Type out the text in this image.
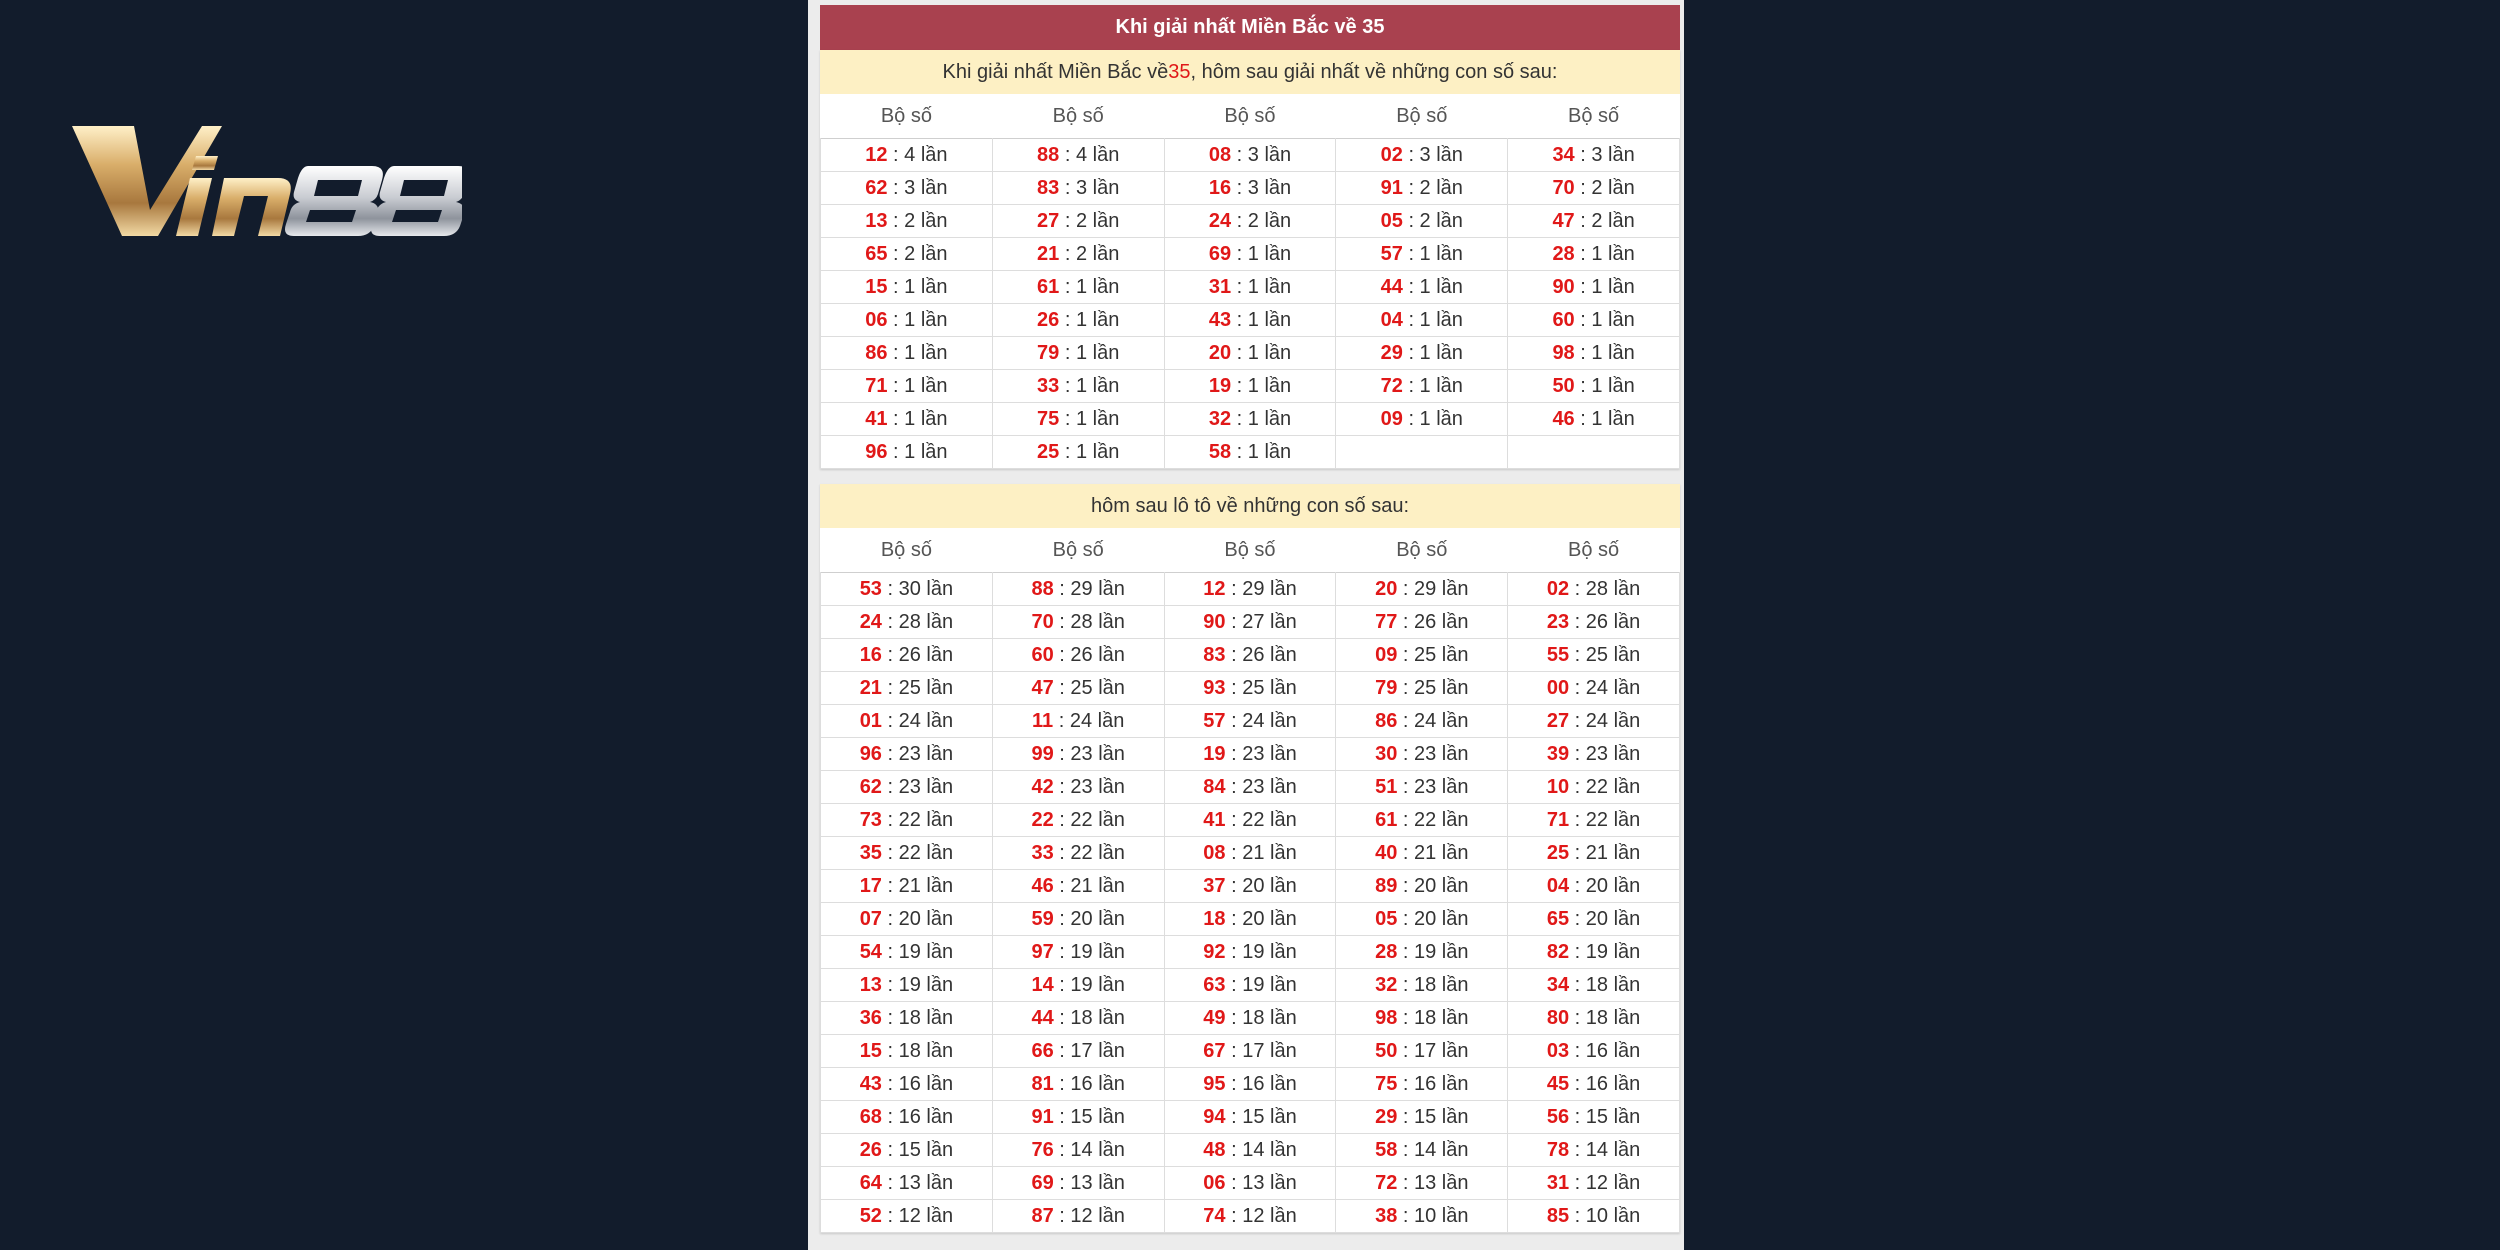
Khi giải nhất Miền Bắc về 35
Khi giải nhất Miền Bắc về 35 , hôm sau giải nhất về những con số sau:
Bộ số	Bộ số	Bộ số	Bộ số	Bộ số
12 : 4 lần	88 : 4 lần	08 : 3 lần	02 : 3 lần	34 : 3 lần
62 : 3 lần	83 : 3 lần	16 : 3 lần	91 : 2 lần	70 : 2 lần
13 : 2 lần	27 : 2 lần	24 : 2 lần	05 : 2 lần	47 : 2 lần
65 : 2 lần	21 : 2 lần	69 : 1 lần	57 : 1 lần	28 : 1 lần
15 : 1 lần	61 : 1 lần	31 : 1 lần	44 : 1 lần	90 : 1 lần
06 : 1 lần	26 : 1 lần	43 : 1 lần	04 : 1 lần	60 : 1 lần
86 : 1 lần	79 : 1 lần	20 : 1 lần	29 : 1 lần	98 : 1 lần
71 : 1 lần	33 : 1 lần	19 : 1 lần	72 : 1 lần	50 : 1 lần
41 : 1 lần	75 : 1 lần	32 : 1 lần	09 : 1 lần	46 : 1 lần
96 : 1 lần	25 : 1 lần	58 : 1 lần		
hôm sau lô tô về những con số sau:
Bộ số	Bộ số	Bộ số	Bộ số	Bộ số
53 : 30 lần	88 : 29 lần	12 : 29 lần	20 : 29 lần	02 : 28 lần
24 : 28 lần	70 : 28 lần	90 : 27 lần	77 : 26 lần	23 : 26 lần
16 : 26 lần	60 : 26 lần	83 : 26 lần	09 : 25 lần	55 : 25 lần
21 : 25 lần	47 : 25 lần	93 : 25 lần	79 : 25 lần	00 : 24 lần
01 : 24 lần	11 : 24 lần	57 : 24 lần	86 : 24 lần	27 : 24 lần
96 : 23 lần	99 : 23 lần	19 : 23 lần	30 : 23 lần	39 : 23 lần
62 : 23 lần	42 : 23 lần	84 : 23 lần	51 : 23 lần	10 : 22 lần
73 : 22 lần	22 : 22 lần	41 : 22 lần	61 : 22 lần	71 : 22 lần
35 : 22 lần	33 : 22 lần	08 : 21 lần	40 : 21 lần	25 : 21 lần
17 : 21 lần	46 : 21 lần	37 : 20 lần	89 : 20 lần	04 : 20 lần
07 : 20 lần	59 : 20 lần	18 : 20 lần	05 : 20 lần	65 : 20 lần
54 : 19 lần	97 : 19 lần	92 : 19 lần	28 : 19 lần	82 : 19 lần
13 : 19 lần	14 : 19 lần	63 : 19 lần	32 : 18 lần	34 : 18 lần
36 : 18 lần	44 : 18 lần	49 : 18 lần	98 : 18 lần	80 : 18 lần
15 : 18 lần	66 : 17 lần	67 : 17 lần	50 : 17 lần	03 : 16 lần
43 : 16 lần	81 : 16 lần	95 : 16 lần	75 : 16 lần	45 : 16 lần
68 : 16 lần	91 : 15 lần	94 : 15 lần	29 : 15 lần	56 : 15 lần
26 : 15 lần	76 : 14 lần	48 : 14 lần	58 : 14 lần	78 : 14 lần
64 : 13 lần	69 : 13 lần	06 : 13 lần	72 : 13 lần	31 : 12 lần
52 : 12 lần	87 : 12 lần	74 : 12 lần	38 : 10 lần	85 : 10 lần
